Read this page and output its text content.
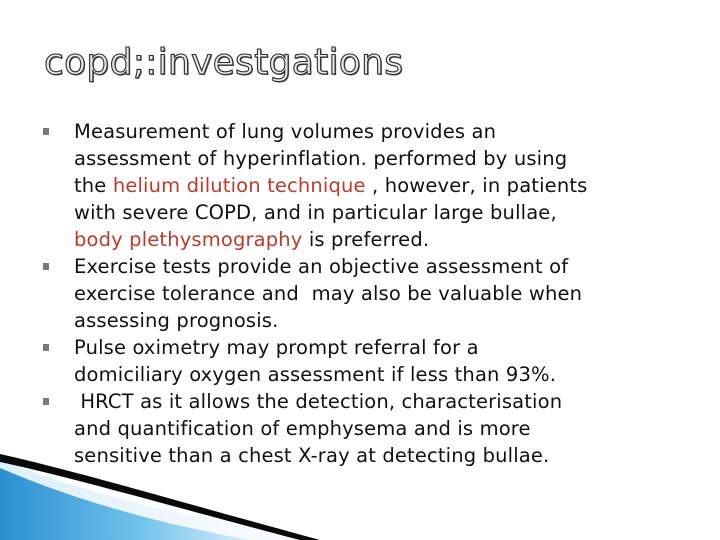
copd;:investgations
Measurement of lung volumes provides an
assessment of hyperinflation. performed by using
the helium dilution technique , however, in patients
with severe COPD, and in particular large bullae,
body plethysmography is preferred.
Exercise tests provide an objective assessment of
exercise tolerance and  may also be valuable when
assessing prognosis.
Pulse oximetry may prompt referral for a
domiciliary oxygen assessment if less than 93%.
HRCT as it allows the detection, characterisation
and quantification of emphysema and is more
sensitive than a chest X-ray at detecting bullae.
